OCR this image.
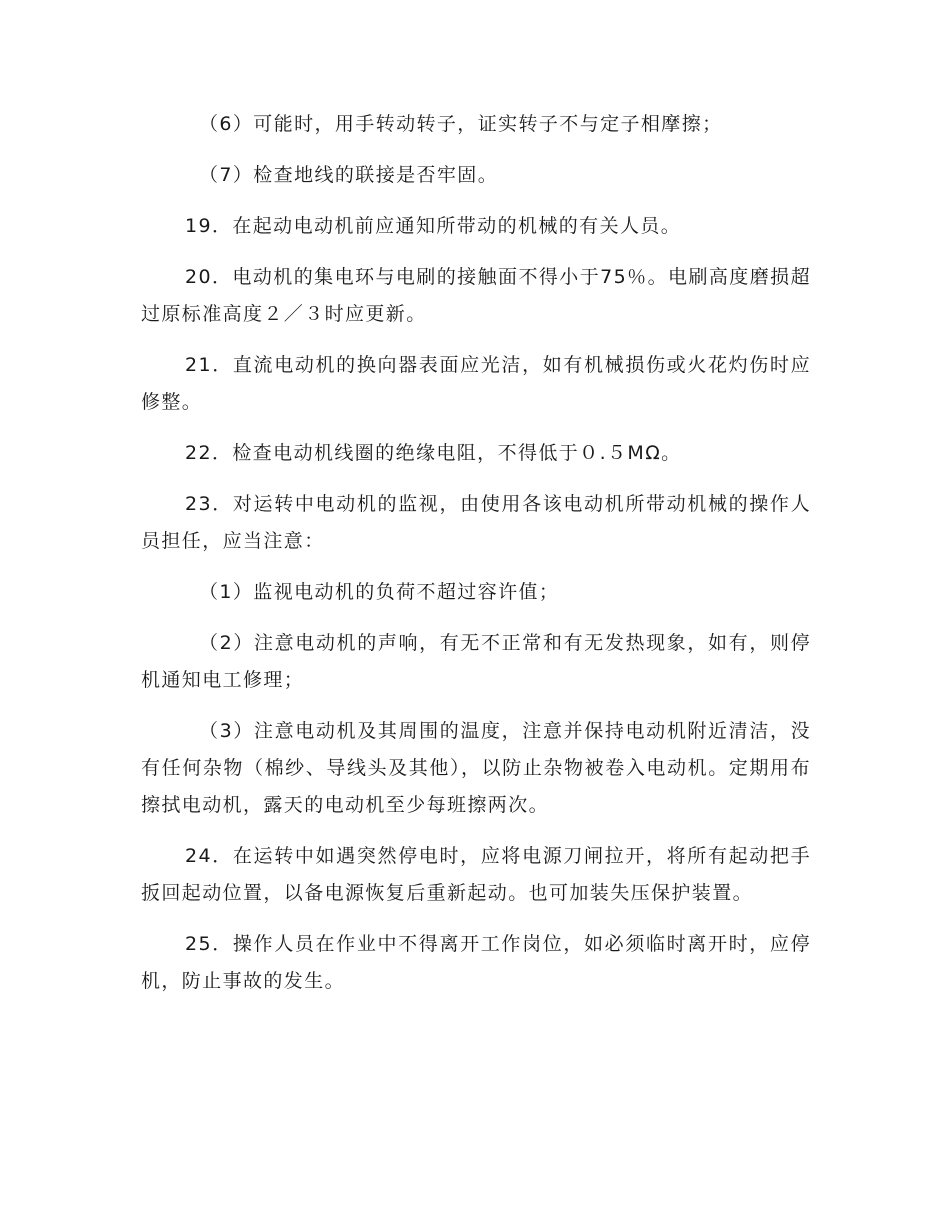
（6）可能时，用手转动转子，证实转子不与定子相摩擦；

（7）检查地线的联接是否牢固。

19．在起动电动机前应通知所带动的机械的有关人员。

20．电动机的集电环与电刷的接触面不得小于75％。电刷高度磨损超过原标准高度２／３时应更新。

21．直流电动机的换向器表面应光洁，如有机械损伤或火花灼伤时应修整。

22．检查电动机线圈的绝缘电阻，不得低于０.５MΩ。

23．对运转中电动机的监视，由使用各该电动机所带动机械的操作人员担任，应当注意：

（1）监视电动机的负荷不超过容许值；

（2）注意电动机的声响，有无不正常和有无发热现象，如有，则停机通知电工修理；

（3）注意电动机及其周围的温度，注意并保持电动机附近清洁，没有任何杂物（棉纱、导线头及其他），以防止杂物被卷入电动机。定期用布擦拭电动机，露天的电动机至少每班擦两次。

24．在运转中如遇突然停电时，应将电源刀闸拉开，将所有起动把手扳回起动位置，以备电源恢复后重新起动。也可加装失压保护装置。

25．操作人员在作业中不得离开工作岗位，如必须临时离开时，应停机，防止事故的发生。
